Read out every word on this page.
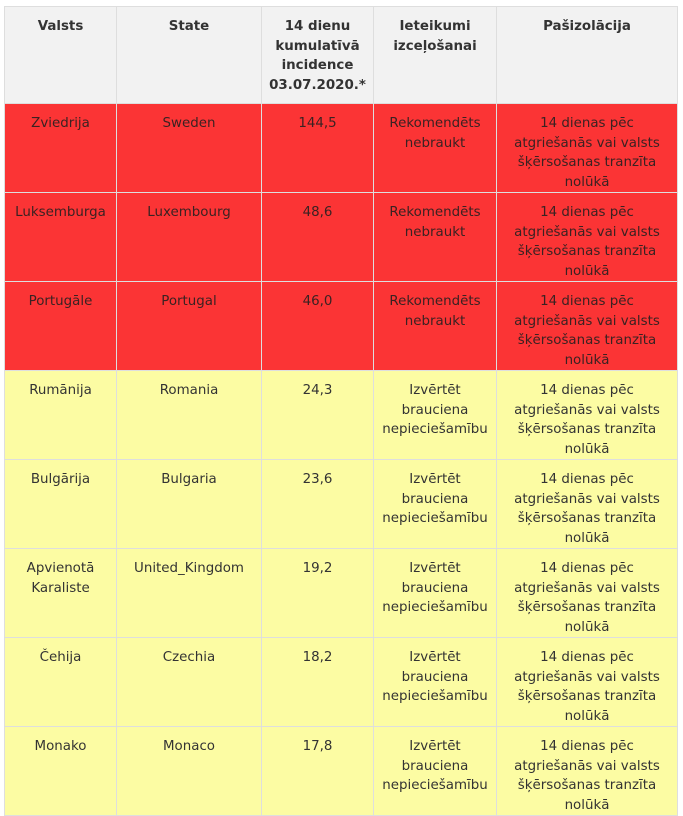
Valsts	State	14 dienu kumulatīvā incidence 03.07.2020.*	Ieteikumi izceļošanai	Pašizolācija
Zviedrija	Sweden	144,5	Rekomendēts nebraukt	14 dienas pēc atgriešanās vai valsts šķērsošanas tranzīta nolūkā
Luksemburga	Luxembourg	48,6	Rekomendēts nebraukt	14 dienas pēc atgriešanās vai valsts šķērsošanas tranzīta nolūkā
Portugāle	Portugal	46,0	Rekomendēts nebraukt	14 dienas pēc atgriešanās vai valsts šķērsošanas tranzīta nolūkā
Rumānija	Romania	24,3	Izvērtēt brauciena nepieciešamību	14 dienas pēc atgriešanās vai valsts šķērsošanas tranzīta nolūkā
Bulgārija	Bulgaria	23,6	Izvērtēt brauciena nepieciešamību	14 dienas pēc atgriešanās vai valsts šķērsošanas tranzīta nolūkā
Apvienotā Karaliste	United_Kingdom	19,2	Izvērtēt brauciena nepieciešamību	14 dienas pēc atgriešanās vai valsts šķērsošanas tranzīta nolūkā
Čehija	Czechia	18,2	Izvērtēt brauciena nepieciešamību	14 dienas pēc atgriešanās vai valsts šķērsošanas tranzīta nolūkā
Monako	Monaco	17,8	Izvērtēt brauciena nepieciešamību	14 dienas pēc atgriešanās vai valsts šķērsošanas tranzīta nolūkā
